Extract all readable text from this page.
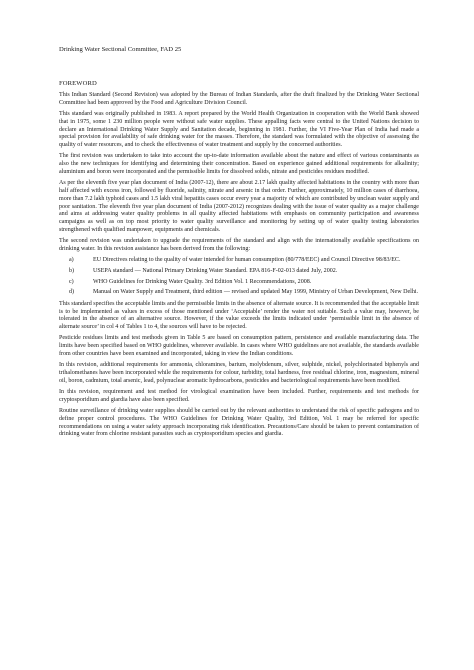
Drinking Water Sectional Committee, FAD 25
FOREWORD

This Indian Standard (Second Revision) was adopted by the Bureau of Indian Standards, after the draft finalized by the Drinking Water Sectional Committee had been approved by the Food and Agriculture Division Council.

This standard was originally published in 1983. A report prepared by the World Health Organization in cooperation with the World Bank showed that in 1975, some 1 230 million people were without safe water supplies. These appalling facts were central to the United Nations decision to declare an International Drinking Water Supply and Sanitation decade, beginning in 1981. Further, the VI Five-Year Plan of India had made a special provision for availability of safe drinking water for the masses. Therefore, the standard was formulated with the objective of assessing the quality of water resources, and to check the effectiveness of water treatment and supply by the concerned authorities.

The first revision was undertaken to take into account the up-to-date information available about the nature and effect of various contaminants as also the new techniques for identifying and determining their concentration. Based on experience gained additional requirements for alkalinity; aluminium and boron were incorporated and the permissible limits for dissolved solids, nitrate and pesticides residues modified.

As per the eleventh five year plan document of India (2007-12), there are about 2.17 lakh quality affected habitations in the country with more than half affected with excess iron, followed by fluoride, salinity, nitrate and arsenic in that order. Further, approximately, 10 million cases of diarrhoea, more than 7.2 lakh typhoid cases and 1.5 lakh viral hepatitis cases occur every year a majority of which are contributed by unclean water supply and poor sanitation. The eleventh five year plan document of India (2007-2012) recognizes dealing with the issue of water quality as a major challenge and aims at addressing water quality problems in all quality affected habitations with emphasis on community participation and awareness campaigns as well as on top most priority to water quality surveillance and monitoring by setting up of water quality testing laboratories strengthened with qualified manpower, equipments and chemicals.

The second revision was undertaken to upgrade the requirements of the standard and align with the internationally available specifications on drinking water. In this revision assistance has been derived from the following:

a)	EU Directives relating to the quality of water intended for human consumption (80/778/EEC) and Council Directive 98/83/EC.
b)	USEPA standard — National Primary Drinking Water Standard. EPA 816-F-02-013 dated July, 2002.
c)	WHO Guidelines for Drinking Water Quality. 3rd Edition Vol. 1 Recommendations, 2008.
d)	Manual on Water Supply and Treatment, third edition — revised and updated May 1999, Ministry of Urban Development, New Delhi.

This standard specifies the acceptable limits and the permissible limits in the absence of alternate source. It is recommended that the acceptable limit is to be implemented as values in excess of those mentioned under ‘Acceptable’ render the water not suitable. Such a value may, however, be tolerated in the absence of an alternative source. However, if the value exceeds the limits indicated under ‘permissible limit in the absence of alternate source’ in col 4 of Tables 1 to 4, the sources will have to be rejected.

Pesticide residues limits and test methods given in Table 5 are based on consumption pattern, persistence and available manufacturing data. The limits have been specified based on WHO guidelines, wherever available. In cases where WHO guidelines are not available, the standards available from other countries have been examined and incorporated, taking in view the Indian conditions.

In this revision, additional requirements for ammonia, chloramines, barium, molybdenum, silver, sulphide, nickel, polychlorinated biphenyls and trihalomethanes have been incorporated while the requirements for colour, turbidity, total hardness, free residual chlorine, iron, magnesium, mineral oil, boron, cadmium, total arsenic, lead, polynuclear aromatic hydrocarbons, pesticides and bacteriological requirements have been modified.

In this revision, requirement and test method for virological examination have been included. Further, requirements and test methods for cryptosporidium and giardia have also been specified.

Routine surveillance of drinking water supplies should be carried out by the relevant authorities to understand the risk of specific pathogens and to define proper control procedures. The WHO Guidelines for Drinking Water Quality, 3rd Edition, Vol. 1 may be referred for specific recommendations on using a water safety approach incorporating risk identification. Precautions/Care should be taken to prevent contamination of drinking water from chlorine resistant parasites such as cryptosporidium species and giardia.
